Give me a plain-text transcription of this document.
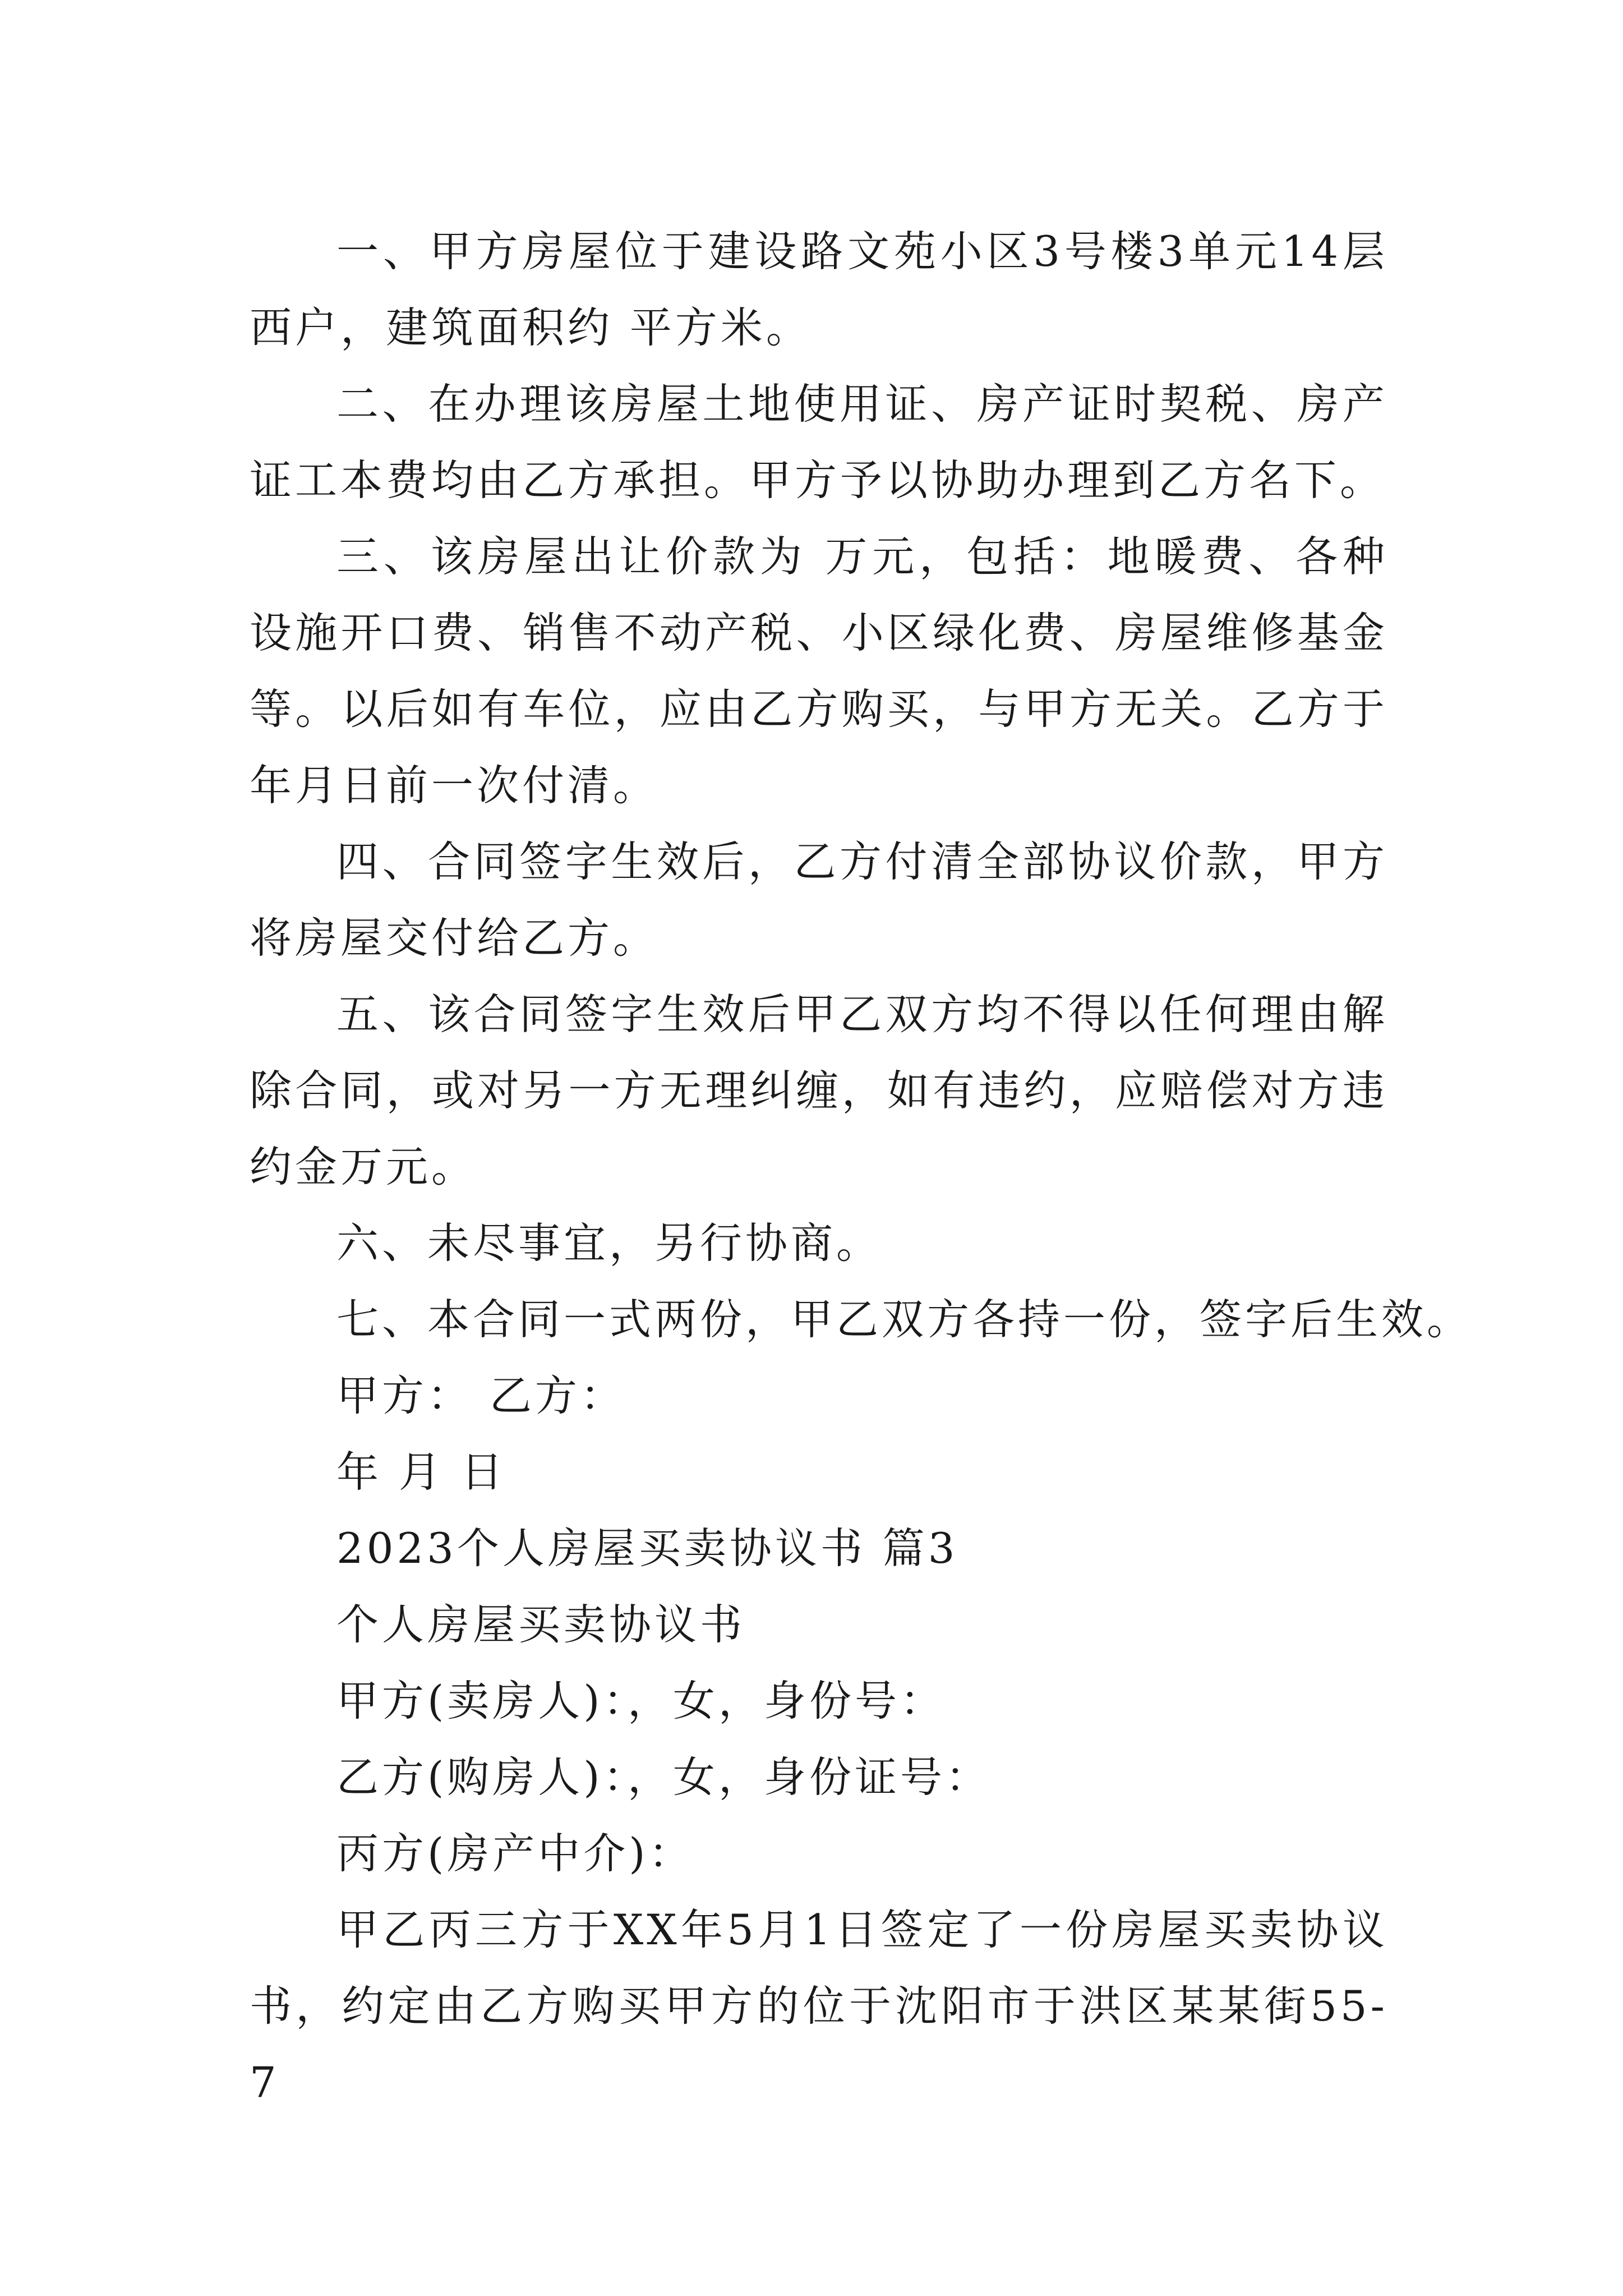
一、甲方房屋位于建设路文苑小区3号楼3单元14层西户，建筑面积约 平方米。

二、在办理该房屋土地使用证、房产证时契税、房产证工本费均由乙方承担。甲方予以协助办理到乙方名下。

三、该房屋出让价款为 万元，包括：地暖费、各种设施开口费、销售不动产税、小区绿化费、房屋维修基金等。以后如有车位，应由乙方购买，与甲方无关。乙方于 年月日前一次付清。

四、合同签字生效后，乙方付清全部协议价款，甲方将房屋交付给乙方。

五、该合同签字生效后甲乙双方均不得以任何理由解除合同，或对另一方无理纠缠，如有违约，应赔偿对方违约金万元。

六、未尽事宜，另行协商。

七、本合同一式两份，甲乙双方各持一份，签字后生效。

甲方： 乙方：

年 月 日

2023个人房屋买卖协议书 篇3

个人房屋买卖协议书

甲方(卖房人)：，女，身份号：

乙方(购房人)：，女，身份证号：

丙方(房产中介)：

甲乙丙三方于XX年5月1日签定了一份房屋买卖协议书，约定由乙方购买甲方的位于沈阳市于洪区某某街55-7
